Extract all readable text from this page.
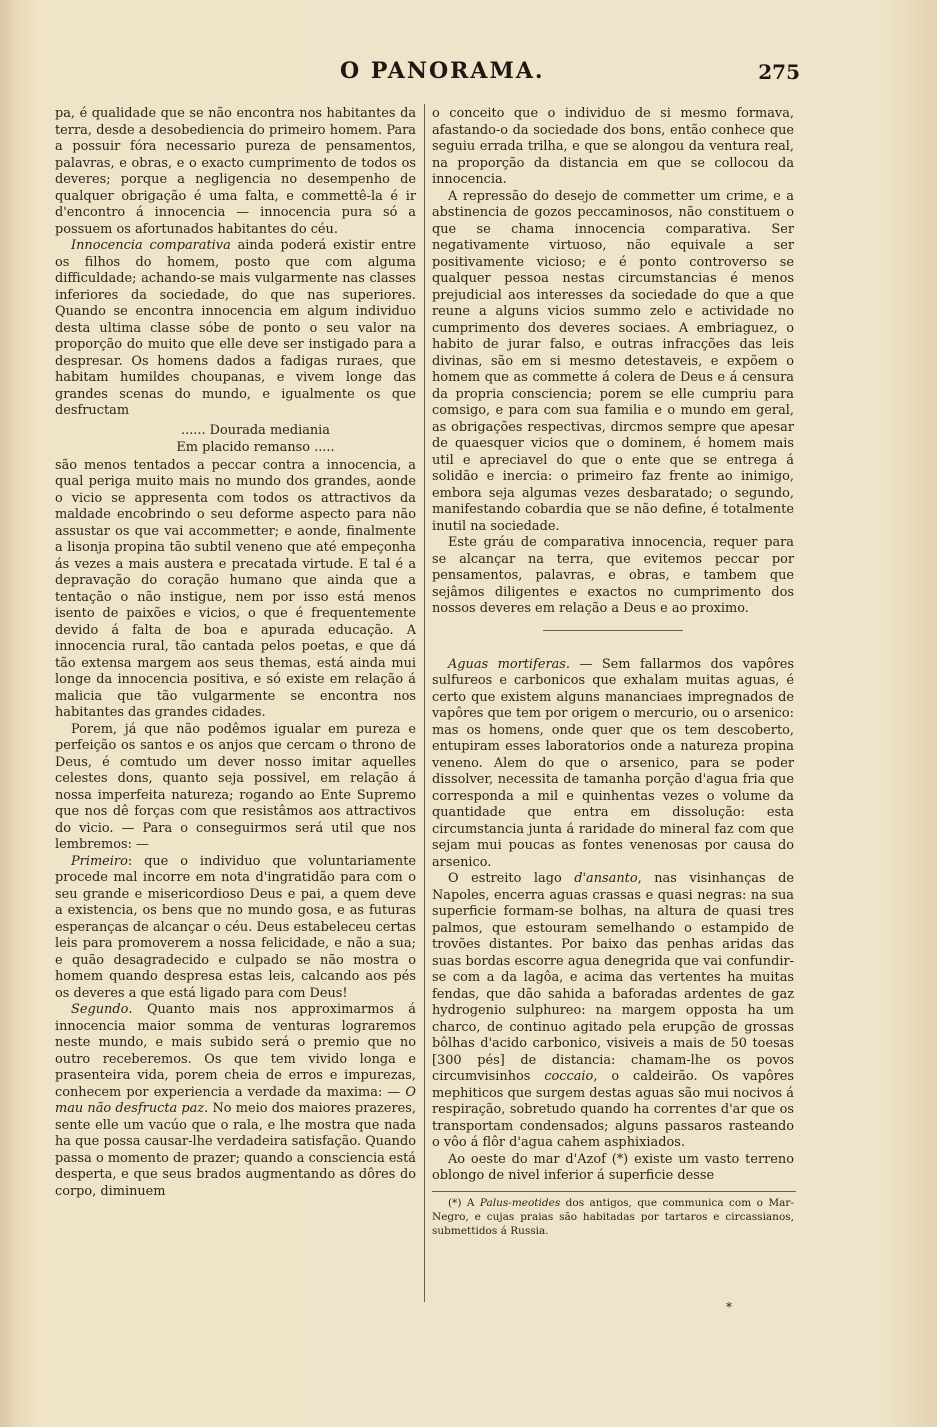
O PANORAMA.	275

pa, é qualidade que se não encontra nos habitantes da terra, desde a desobediencia do primeiro homem. Para a possuir fóra necessario pureza de pensamentos, palavras, e obras, e o exacto cumprimento de todos os deveres; porque a negligencia no desempenho de qualquer obrigação é uma falta, e commettê-la é ir d'encontro á innocencia — innocencia pura só a possuem os afortunados habitantes do céu.

Innocencia comparativa ainda poderá existir entre os filhos do homem, posto que com alguma difficuldade; achando-se mais vulgarmente nas classes inferiores da sociedade, do que nas superiores. Quando se encontra innocencia em algum individuo desta ultima classe sóbe de ponto o seu valor na proporção do muito que elle deve ser instigado para a despresar. Os homens dados a fadigas ruraes, que habitam humildes choupanas, e vivem longe das grandes scenas do mundo, e igualmente os que desfructam

...... Dourada mediania
Em placido remanso .....

são menos tentados a peccar contra a innocencia, a qual periga muito mais no mundo dos grandes, aonde o vicio se appresenta com todos os attractivos da maldade encobrindo o seu deforme aspecto para não assustar os que vai accommetter; e aonde, finalmente a lisonja propina tão subtil veneno que até empeçonha ás vezes a mais austera e precatada virtude. E tal é a depravação do coração humano que ainda que a tentação o não instigue, nem por isso está menos isento de paixões e vicios, o que é frequentemente devido á falta de boa e apurada educação. A innocencia rural, tão cantada pelos poetas, e que dá tão extensa margem aos seus themas, está ainda mui longe da innocencia positiva, e só existe em relação á malicia que tão vulgarmente se encontra nos habitantes das grandes cidades.

Porem, já que não podêmos igualar em pureza e perfeição os santos e os anjos que cercam o throno de Deus, é comtudo um dever nosso imitar aquelles celestes dons, quanto seja possivel, em relação á nossa imperfeita natureza; rogando ao Ente Supremo que nos dê forças com que resistâmos aos attractivos do vicio. — Para o conseguirmos será util que nos lembremos: —

Primeiro: que o individuo que voluntariamente procede mal incorre em nota d'ingratidão para com o seu grande e misericordioso Deus e pai, a quem deve a existencia, os bens que no mundo gosa, e as futuras esperanças de alcançar o céu. Deus estabeleceu certas leis para promoverem a nossa felicidade, e não a sua; e quão desagradecido e culpado se não mostra o homem quando despresa estas leis, calcando aos pés os deveres a que está ligado para com Deus!

Segundo. Quanto mais nos approximarmos á innocencia maior somma de venturas lograremos neste mundo, e mais subido será o premio que no outro receberemos. Os que tem vivido longa e prasenteira vida, porem cheia de erros e impurezas, conhecem por experiencia a verdade da maxima: — O mau não desfructa paz. No meio dos maiores prazeres, sente elle um vacúo que o rala, e lhe mostra que nada ha que possa causar-lhe verdadeira satisfação. Quando passa o momento de prazer; quando a consciencia está desperta, e que seus brados augmentando as dôres do corpo, diminuem

o conceito que o individuo de si mesmo formava, afastando-o da sociedade dos bons, então conhece que seguiu errada trilha, e que se alongou da ventura real, na proporção da distancia em que se collocou da innocencia.

A repressão do desejo de commetter um crime, e a abstinencia de gozos peccaminosos, não constituem o que se chama innocencia comparativa. Ser negativamente virtuoso, não equivale a ser positivamente vicioso; e é ponto controverso se qualquer pessoa nestas circumstancias é menos prejudicial aos interesses da sociedade do que a que reune a alguns vicios summo zelo e actividade no cumprimento dos deveres sociaes. A embriaguez, o habito de jurar falso, e outras infracções das leis divinas, são em si mesmo detestaveis, e expõem o homem que as commette á colera de Deus e á censura da propria consciencia; porem se elle cumpriu para comsigo, e para com sua familia e o mundo em geral, as obrigações respectivas, dircmos sempre que apesar de quaesquer vicios que o dominem, é homem mais util e apreciavel do que o ente que se entrega á solidão e inercia: o primeiro faz frente ao inimigo, embora seja algumas vezes desbaratado; o segundo, manifestando cobardia que se não define, é totalmente inutil na sociedade.

Este gráu de comparativa innocencia, requer para se alcançar na terra, que evitemos peccar por pensamentos, palavras, e obras, e tambem que sejâmos diligentes e exactos no cumprimento dos nossos deveres em relação a Deus e ao proximo.

Aguas mortiferas. — Sem fallarmos dos vapôres sulfureos e carbonicos que exhalam muitas aguas, é certo que existem alguns mananciaes impregnados de vapôres que tem por origem o mercurio, ou o arsenico: mas os homens, onde quer que os tem descoberto, entupiram esses laboratorios onde a natureza propina veneno. Alem do que o arsenico, para se poder dissolver, necessita de tamanha porção d'agua fria que corresponda a mil e quinhentas vezes o volume da quantidade que entra em dissolução: esta circumstancia junta á raridade do mineral faz com que sejam mui poucas as fontes venenosas por causa do arsenico.

O estreito lago d'ansanto, nas visinhanças de Napoles, encerra aguas crassas e quasi negras: na sua superficie formam-se bolhas, na altura de quasi tres palmos, que estouram semelhando o estampido de trovões distantes. Por baixo das penhas aridas das suas bordas escorre agua denegrida que vai confundir-se com a da lagôa, e acima das vertentes ha muitas fendas, que dão sahida a baforadas ardentes de gaz hydrogenio sulphureo: na margem opposta ha um charco, de continuo agitado pela erupção de grossas bôlhas d'acido carbonico, visiveis a mais de 50 toesas [300 pés] de distancia: chamam-lhe os povos circumvisinhos coccaio, o caldeirão. Os vapôres mephiticos que surgem destas aguas são mui nocivos á respiração, sobretudo quando ha correntes d'ar que os transportam condensados; alguns passaros rasteando o vôo á flôr d'agua cahem asphixiados.

Ao oeste do mar d'Azof (*) existe um vasto terreno oblongo de nivel inferior á superficie desse

(*) A Palus-meotides dos antigos, que communica com o Mar-Negro, e cujas praias são habitadas por tartaros e circassianos, submettidos á Russia.

*
